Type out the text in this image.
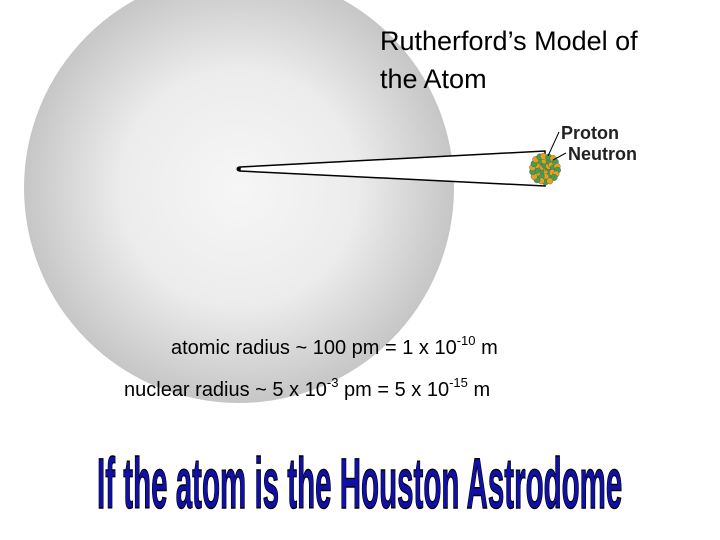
Proton
Neutron
If the atom is the Houston Astrodome
Rutherford’s Model of
the Atom
atomic radius ~ 100 pm = 1 x $10^{-10}$ m
nuclear radius ~ 5 x $10^{-3}$ pm = 5 x $10^{-15}$ m
